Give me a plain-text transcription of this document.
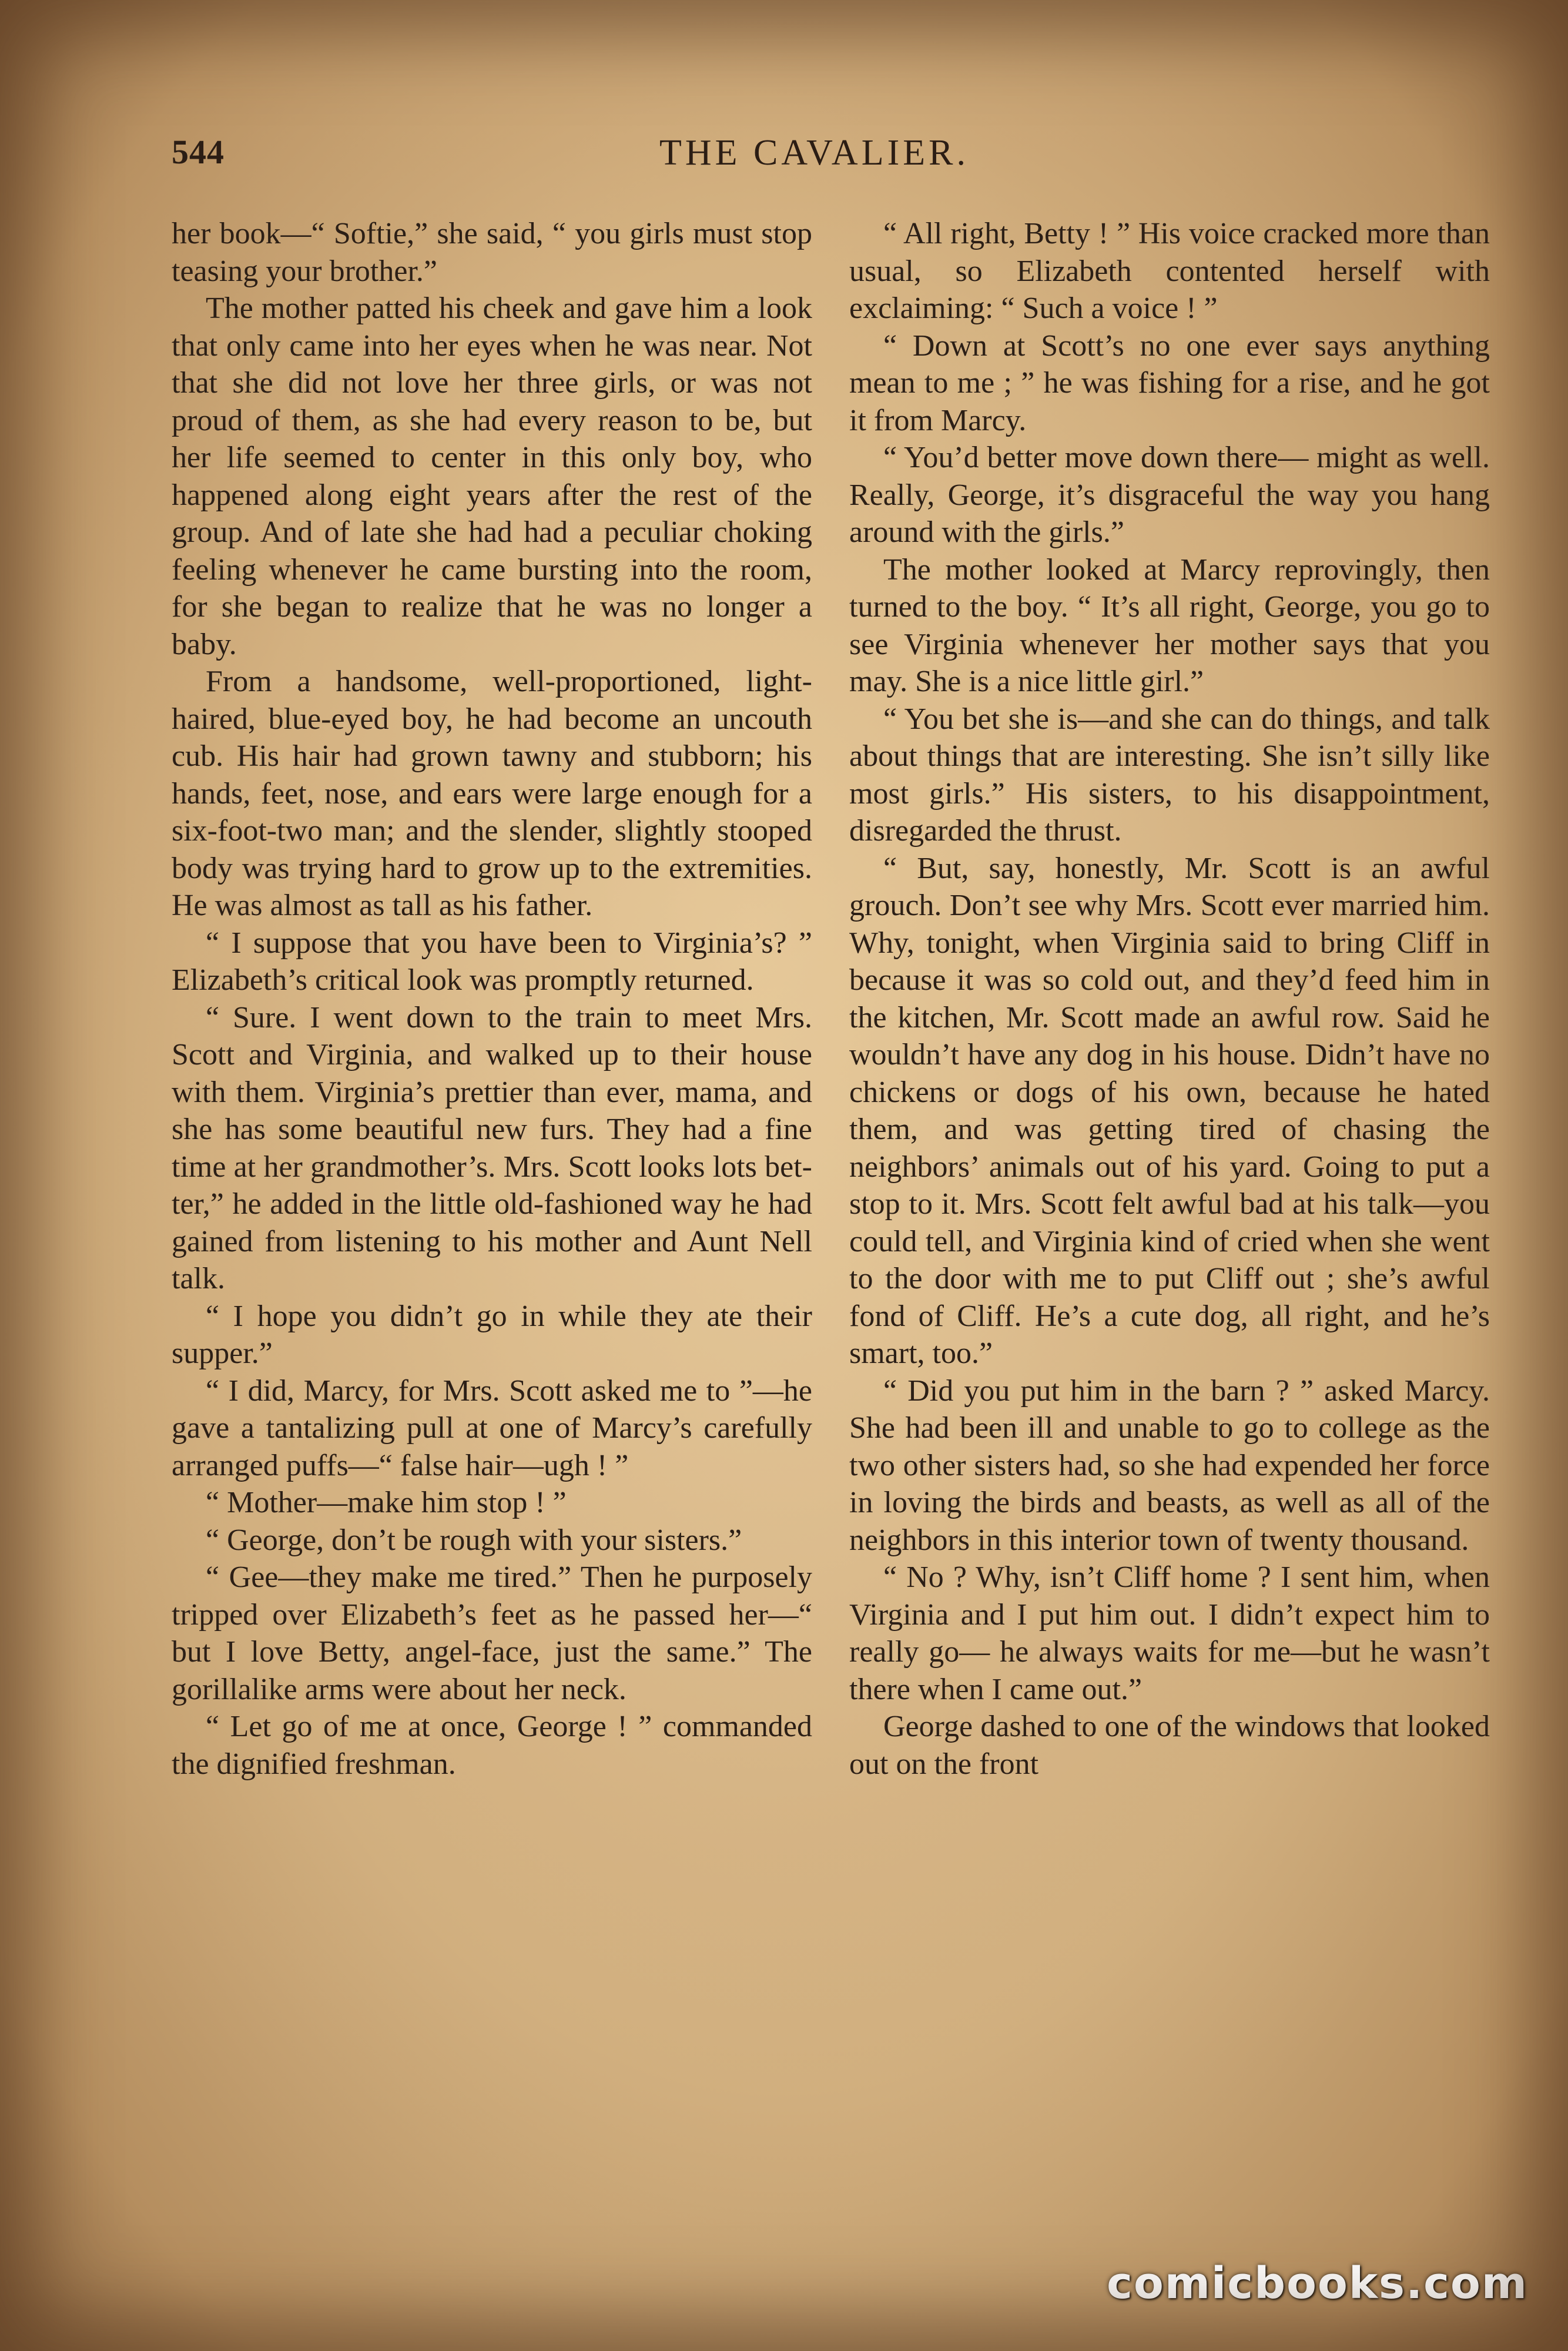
544	THE CAVALIER.

her book—“ Softie,” she said, “ you girls must stop teasing your brother.”

The mother patted his cheek and gave him a look that only came into her eyes when he was near. Not that she did not love her three girls, or was not proud of them, as she had every reason to be, but her life seemed to center in this only boy, who happened along eight years after the rest of the group. And of late she had had a peculiar choking feeling whenever he came bursting into the room, for she began to realize that he was no longer a baby.

From a handsome, well-proportioned, light-haired, blue-eyed boy, he had become an uncouth cub. His hair had grown tawny and stubborn; his hands, feet, nose, and ears were large enough for a six-foot-two man; and the slender, slightly stooped body was trying hard to grow up to the extremities. He was almost as tall as his father.

“ I suppose that you have been to Virginia’s? ” Elizabeth’s critical look was promptly returned.

“ Sure. I went down to the train to meet Mrs. Scott and Virginia, and walked up to their house with them. Virginia’s prettier than ever, mama, and she has some beautiful new furs. They had a fine time at her grandmother’s. Mrs. Scott looks lots better,” he added in the little old-fashioned way he had gained from listening to his mother and Aunt Nell talk.

“ I hope you didn’t go in while they ate their supper.”

“ I did, Marcy, for Mrs. Scott asked me to ”—he gave a tantalizing pull at one of Marcy’s carefully arranged puffs—“ false hair—ugh ! ”

“ Mother—make him stop ! ”

“ George, don’t be rough with your sisters.”

“ Gee—they make me tired.” Then he purposely tripped over Elizabeth’s feet as he passed her—“ but I love Betty, angel-face, just the same.” The gorillalike arms were about her neck.

“ Let go of me at once, George ! ” commanded the dignified freshman.

“ All right, Betty ! ” His voice cracked more than usual, so Elizabeth contented herself with exclaiming: “ Such a voice ! ”

“ Down at Scott’s no one ever says anything mean to me ; ” he was fishing for a rise, and he got it from Marcy.

“ You’d better move down there— might as well. Really, George, it’s disgraceful the way you hang around with the girls.”

The mother looked at Marcy reprovingly, then turned to the boy. “ It’s all right, George, you go to see Virginia whenever her mother says that you may. She is a nice little girl.”

“ You bet she is—and she can do things, and talk about things that are interesting. She isn’t silly like most girls.” His sisters, to his disappointment, disregarded the thrust.

“ But, say, honestly, Mr. Scott is an awful grouch. Don’t see why Mrs. Scott ever married him. Why, tonight, when Virginia said to bring Cliff in because it was so cold out, and they’d feed him in the kitchen, Mr. Scott made an awful row. Said he wouldn’t have any dog in his house. Didn’t have no chickens or dogs of his own, because he hated them, and was getting tired of chasing the neighbors’ animals out of his yard. Going to put a stop to it. Mrs. Scott felt awful bad at his talk—you could tell, and Virginia kind of cried when she went to the door with me to put Cliff out ; she’s awful fond of Cliff. He’s a cute dog, all right, and he’s smart, too.”

“ Did you put him in the barn ? ” asked Marcy. She had been ill and unable to go to college as the two other sisters had, so she had expended her force in loving the birds and beasts, as well as all of the neighbors in this interior town of twenty thousand.

“ No ? Why, isn’t Cliff home ? I sent him, when Virginia and I put him out. I didn’t expect him to really go— he always waits for me—but he wasn’t there when I came out.”

George dashed to one of the windows that looked out on the front

comicbooks.com
